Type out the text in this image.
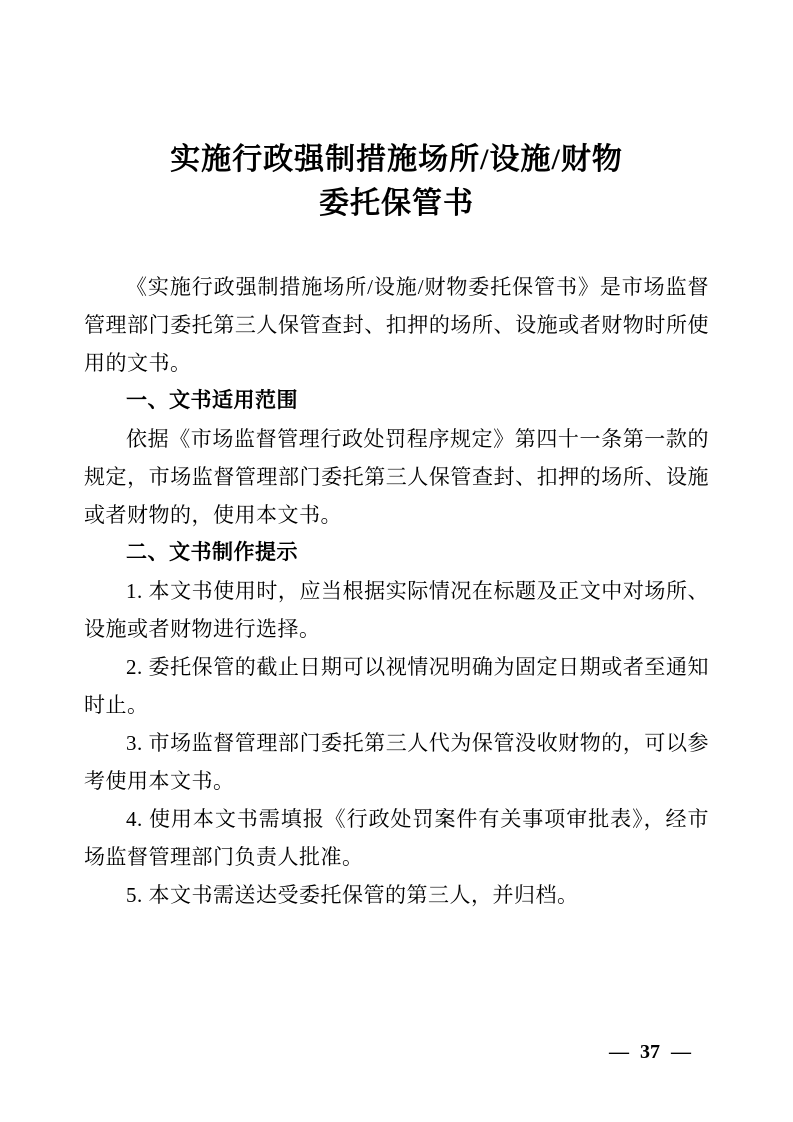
实施行政强制措施场所/设施/财物
委托保管书

《实施行政强制措施场所/设施/财物委托保管书》是市场监督管理部门委托第三人保管查封、扣押的场所、设施或者财物时所使用的文书。

一、文书适用范围

依据《市场监督管理行政处罚程序规定》第四十一条第一款的规定，市场监督管理部门委托第三人保管查封、扣押的场所、设施或者财物的，使用本文书。

二、文书制作提示

1. 本文书使用时，应当根据实际情况在标题及正文中对场所、设施或者财物进行选择。

2. 委托保管的截止日期可以视情况明确为固定日期或者至通知时止。

3. 市场监督管理部门委托第三人代为保管没收财物的，可以参考使用本文书。

4. 使用本文书需填报《行政处罚案件有关事项审批表》，经市场监督管理部门负责人批准。

5. 本文书需送达受委托保管的第三人，并归档。

— 37 —
